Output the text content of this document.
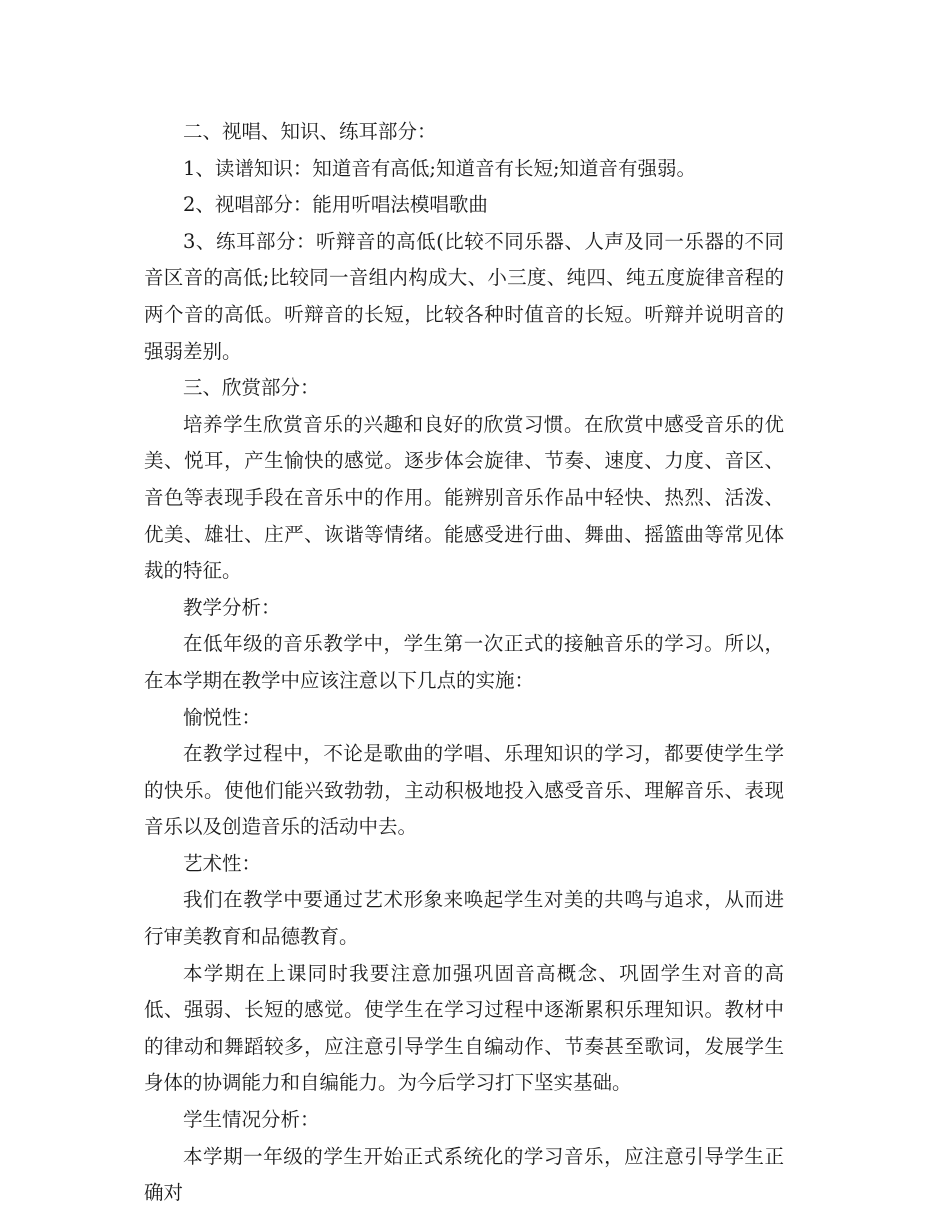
二、视唱、知识、练耳部分：

1、读谱知识：知道音有高低;知道音有长短;知道音有强弱。

2、视唱部分：能用听唱法模唱歌曲

3、练耳部分：听辩音的高低(比较不同乐器、人声及同一乐器的不同音区音的高低;比较同一音组内构成大、小三度、纯四、纯五度旋律音程的两个音的高低。听辩音的长短，比较各种时值音的长短。听辩并说明音的强弱差别。

三、欣赏部分：

培养学生欣赏音乐的兴趣和良好的欣赏习惯。在欣赏中感受音乐的优美、悦耳，产生愉快的感觉。逐步体会旋律、节奏、速度、力度、音区、音色等表现手段在音乐中的作用。能辨别音乐作品中轻快、热烈、活泼、优美、雄壮、庄严、诙谐等情绪。能感受进行曲、舞曲、摇篮曲等常见体裁的特征。

教学分析：

在低年级的音乐教学中，学生第一次正式的接触音乐的学习。所以，在本学期在教学中应该注意以下几点的实施：

愉悦性：

在教学过程中，不论是歌曲的学唱、乐理知识的学习，都要使学生学的快乐。使他们能兴致勃勃，主动积极地投入感受音乐、理解音乐、表现音乐以及创造音乐的活动中去。

艺术性：

我们在教学中要通过艺术形象来唤起学生对美的共鸣与追求，从而进行审美教育和品德教育。

本学期在上课同时我要注意加强巩固音高概念、巩固学生对音的高低、强弱、长短的感觉。使学生在学习过程中逐渐累积乐理知识。教材中的律动和舞蹈较多，应注意引导学生自编动作、节奏甚至歌词，发展学生身体的协调能力和自编能力。为今后学习打下坚实基础。

学生情况分析：

本学期一年级的学生开始正式系统化的学习音乐，应注意引导学生正确对
